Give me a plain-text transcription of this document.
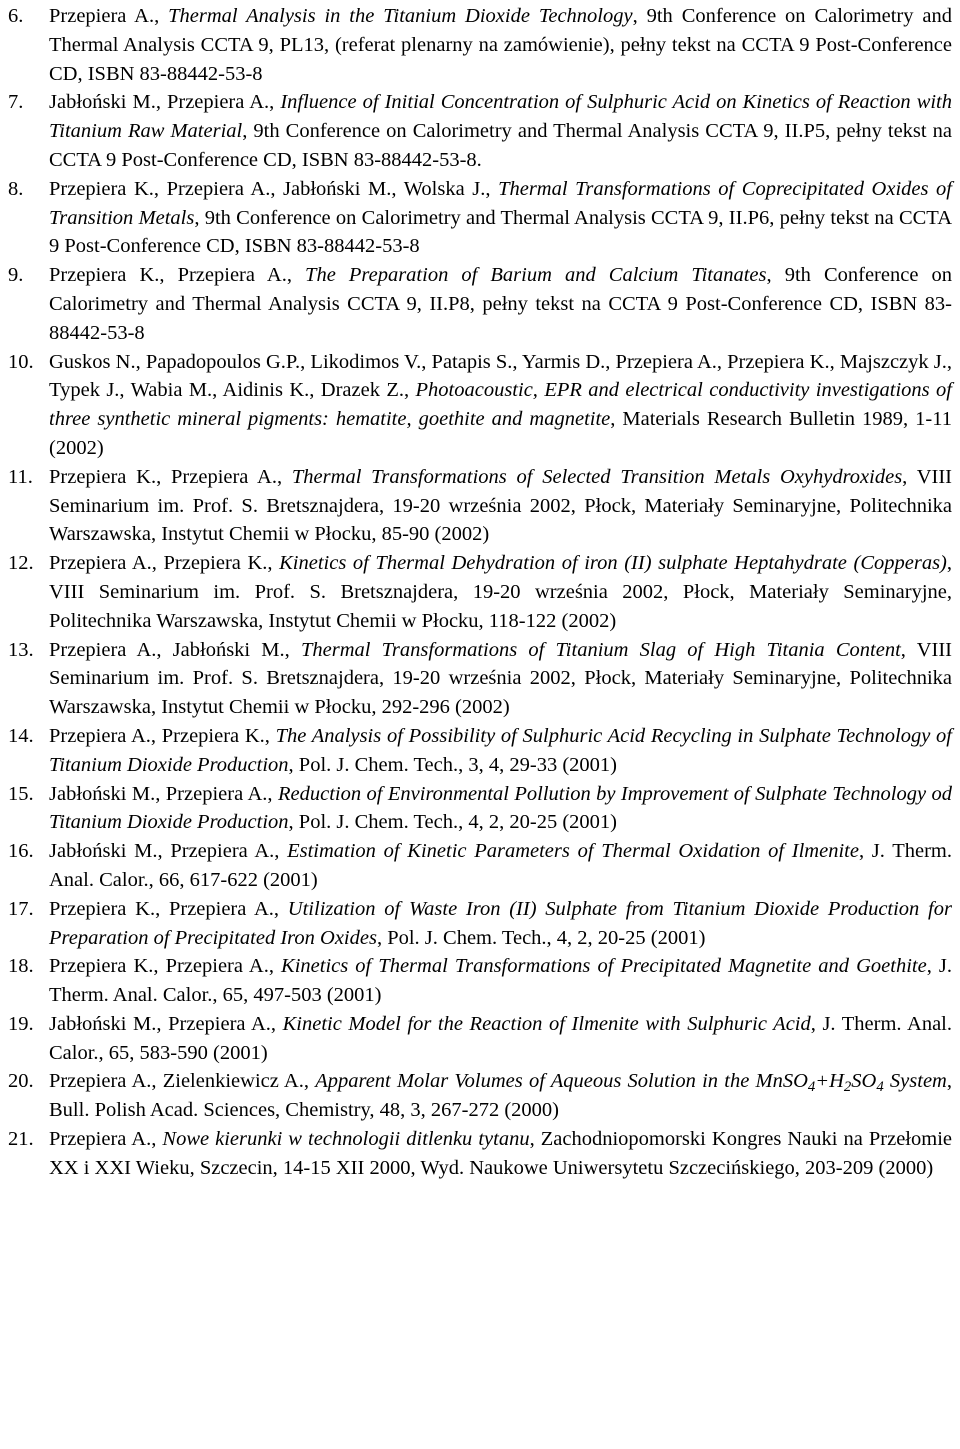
6. Przepiera A., Thermal Analysis in the Titanium Dioxide Technology, 9th Conference on Calorimetry and Thermal Analysis CCTA 9, PL13, (referat plenarny na zamówienie), pełny tekst na CCTA 9 Post-Conference CD, ISBN 83-88442-53-8
7. Jabłoński M., Przepiera A., Influence of Initial Concentration of Sulphuric Acid on Kinetics of Reaction with Titanium Raw Material, 9th Conference on Calorimetry and Thermal Analysis CCTA 9, II.P5, pełny tekst na CCTA 9 Post-Conference CD, ISBN 83-88442-53-8.
8. Przepiera K., Przepiera A., Jabłoński M., Wolska J., Thermal Transformations of Coprecipitated Oxides of Transition Metals, 9th Conference on Calorimetry and Thermal Analysis CCTA 9, II.P6, pełny tekst na CCTA 9 Post-Conference CD, ISBN 83-88442-53-8
9. Przepiera K., Przepiera A., The Preparation of Barium and Calcium Titanates, 9th Conference on Calorimetry and Thermal Analysis CCTA 9, II.P8, pełny tekst na CCTA 9 Post-Conference CD, ISBN 83-88442-53-8
10. Guskos N., Papadopoulos G.P., Likodimos V., Patapis S., Yarmis D., Przepiera A., Przepiera K., Majszczyk J., Typek J., Wabia M., Aidinis K., Drazek Z., Photoacoustic, EPR and electrical conductivity investigations of three synthetic mineral pigments: hematite, goethite and magnetite, Materials Research Bulletin 1989, 1-11 (2002)
11. Przepiera K., Przepiera A., Thermal Transformations of Selected Transition Metals Oxyhydroxides, VIII Seminarium im. Prof. S. Bretsznajdera, 19-20 września 2002, Płock, Materiały Seminaryjne, Politechnika Warszawska, Instytut Chemii w Płocku, 85-90 (2002)
12. Przepiera A., Przepiera K., Kinetics of Thermal Dehydration of iron (II) sulphate Heptahydrate (Copperas), VIII Seminarium im. Prof. S. Bretsznajdera, 19-20 września 2002, Płock, Materiały Seminaryjne, Politechnika Warszawska, Instytut Chemii w Płocku, 118-122 (2002)
13. Przepiera A., Jabłoński M., Thermal Transformations of Titanium Slag of High Titania Content, VIII Seminarium im. Prof. S. Bretsznajdera, 19-20 września 2002, Płock, Materiały Seminaryjne, Politechnika Warszawska, Instytut Chemii w Płocku, 292-296 (2002)
14. Przepiera A., Przepiera K., The Analysis of Possibility of Sulphuric Acid Recycling in Sulphate Technology of Titanium Dioxide Production, Pol. J. Chem. Tech., 3, 4, 29-33 (2001)
15. Jabłoński M., Przepiera A., Reduction of Environmental Pollution by Improvement of Sulphate Technology od Titanium Dioxide Production, Pol. J. Chem. Tech., 4, 2, 20-25 (2001)
16. Jabłoński M., Przepiera A., Estimation of Kinetic Parameters of Thermal Oxidation of Ilmenite, J. Therm. Anal. Calor., 66, 617-622 (2001)
17. Przepiera K., Przepiera A., Utilization of Waste Iron (II) Sulphate from Titanium Dioxide Production for Preparation of Precipitated Iron Oxides, Pol. J. Chem. Tech., 4, 2, 20-25 (2001)
18. Przepiera K., Przepiera A., Kinetics of Thermal Transformations of Precipitated Magnetite and Goethite, J. Therm. Anal. Calor., 65, 497-503 (2001)
19. Jabłoński M., Przepiera A., Kinetic Model for the Reaction of Ilmenite with Sulphuric Acid, J. Therm. Anal. Calor., 65, 583-590 (2001)
20. Przepiera A., Zielenkiewicz A., Apparent Molar Volumes of Aqueous Solution in the $MnSO_4+H_2SO_4$ System, Bull. Polish Acad. Sciences, Chemistry, 48, 3, 267-272 (2000)
21. Przepiera A., Nowe kierunki w technologii ditlenku tytanu, Zachodniopomorski Kongres Nauki na Przełomie XX i XXI Wieku, Szczecin, 14-15 XII 2000, Wyd. Naukowe Uniwersytetu Szczecińskiego, 203-209 (2000)
